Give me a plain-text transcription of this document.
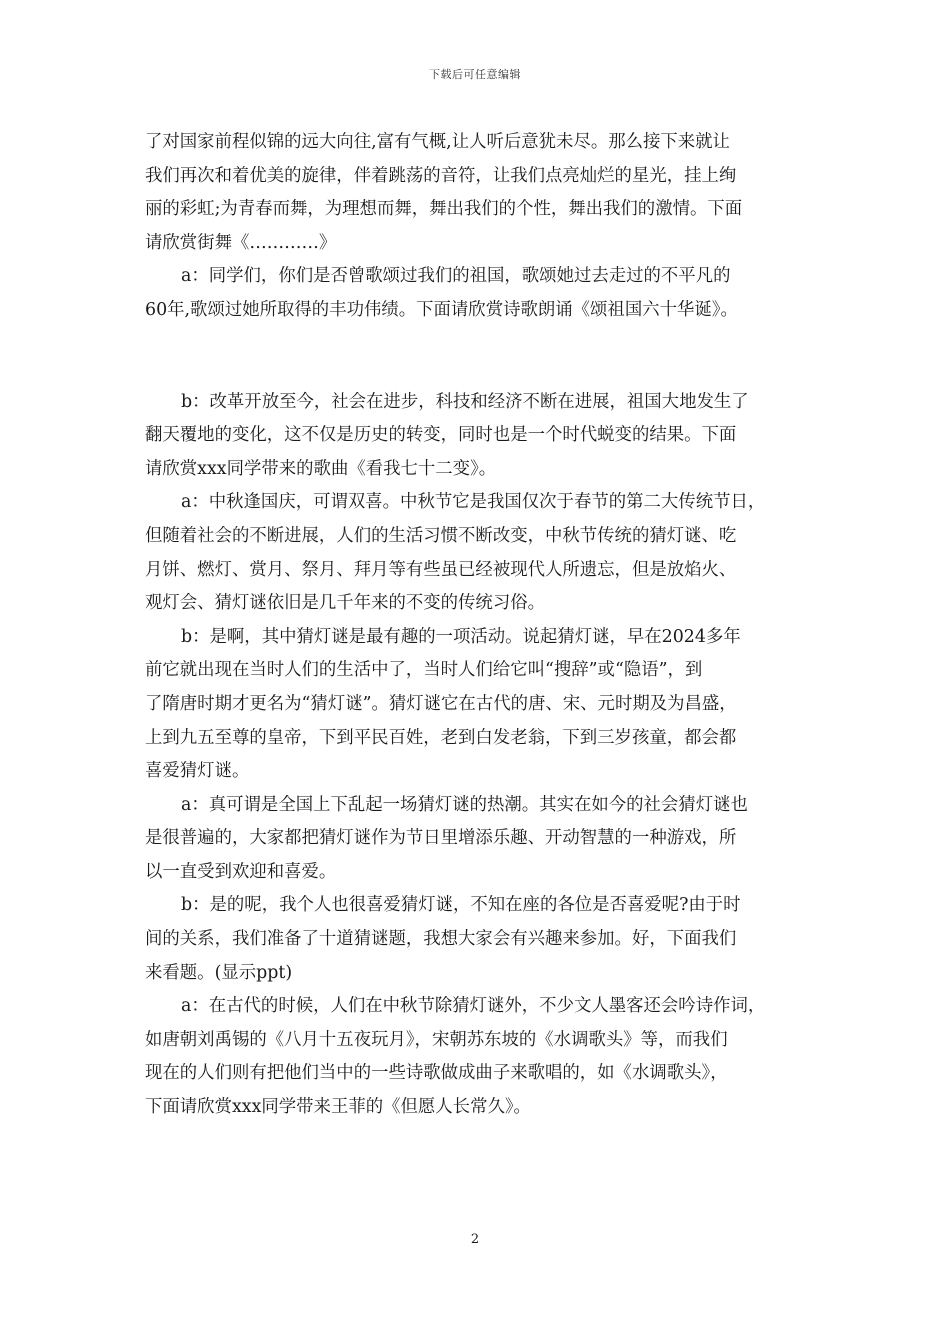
下载后可任意编辑
了对国家前程似锦的远大向往,富有气概,让人听后意犹未尽。那么接下来就让
我们再次和着优美的旋律，伴着跳荡的音符，让我们点亮灿烂的星光，挂上绚
丽的彩虹;为青春而舞，为理想而舞，舞出我们的个性，舞出我们的激情。下面
请欣赏街舞《…………》
a：同学们，你们是否曾歌颂过我们的祖国，歌颂她过去走过的不平凡的
60年,歌颂过她所取得的丰功伟绩。下面请欣赏诗歌朗诵《颂祖国六十华诞》。
b：改革开放至今，社会在进步，科技和经济不断在进展，祖国大地发生了
翻天覆地的变化，这不仅是历史的转变，同时也是一个时代蜕变的结果。下面
请欣赏xxx同学带来的歌曲《看我七十二变》。
a：中秋逢国庆，可谓双喜。中秋节它是我国仅次于春节的第二大传统节日，
但随着社会的不断进展，人们的生活习惯不断改变，中秋节传统的猜灯谜、吃
月饼、燃灯、赏月、祭月、拜月等有些虽已经被现代人所遗忘，但是放焰火、
观灯会、猜灯谜依旧是几千年来的不变的传统习俗。
b：是啊，其中猜灯谜是最有趣的一项活动。说起猜灯谜，早在2024多年
前它就出现在当时人们的生活中了，当时人们给它叫“搜辞”或“隐语”，到
了隋唐时期才更名为“猜灯谜”。猜灯谜它在古代的唐、宋、元时期及为昌盛，
上到九五至尊的皇帝，下到平民百姓，老到白发老翁，下到三岁孩童，都会都
喜爱猜灯谜。
a：真可谓是全国上下乱起一场猜灯谜的热潮。其实在如今的社会猜灯谜也
是很普遍的，大家都把猜灯谜作为节日里增添乐趣、开动智慧的一种游戏，所
以一直受到欢迎和喜爱。
b：是的呢，我个人也很喜爱猜灯谜，不知在座的各位是否喜爱呢?由于时
间的关系，我们准备了十道猜谜题，我想大家会有兴趣来参加。好，下面我们
来看题。(显示ppt)
a：在古代的时候，人们在中秋节除猜灯谜外，不少文人墨客还会吟诗作词，
如唐朝刘禹锡的《八月十五夜玩月》，宋朝苏东坡的《水调歌头》等，而我们
现在的人们则有把他们当中的一些诗歌做成曲子来歌唱的，如《水调歌头》，
下面请欣赏xxx同学带来王菲的《但愿人长常久》。
2
